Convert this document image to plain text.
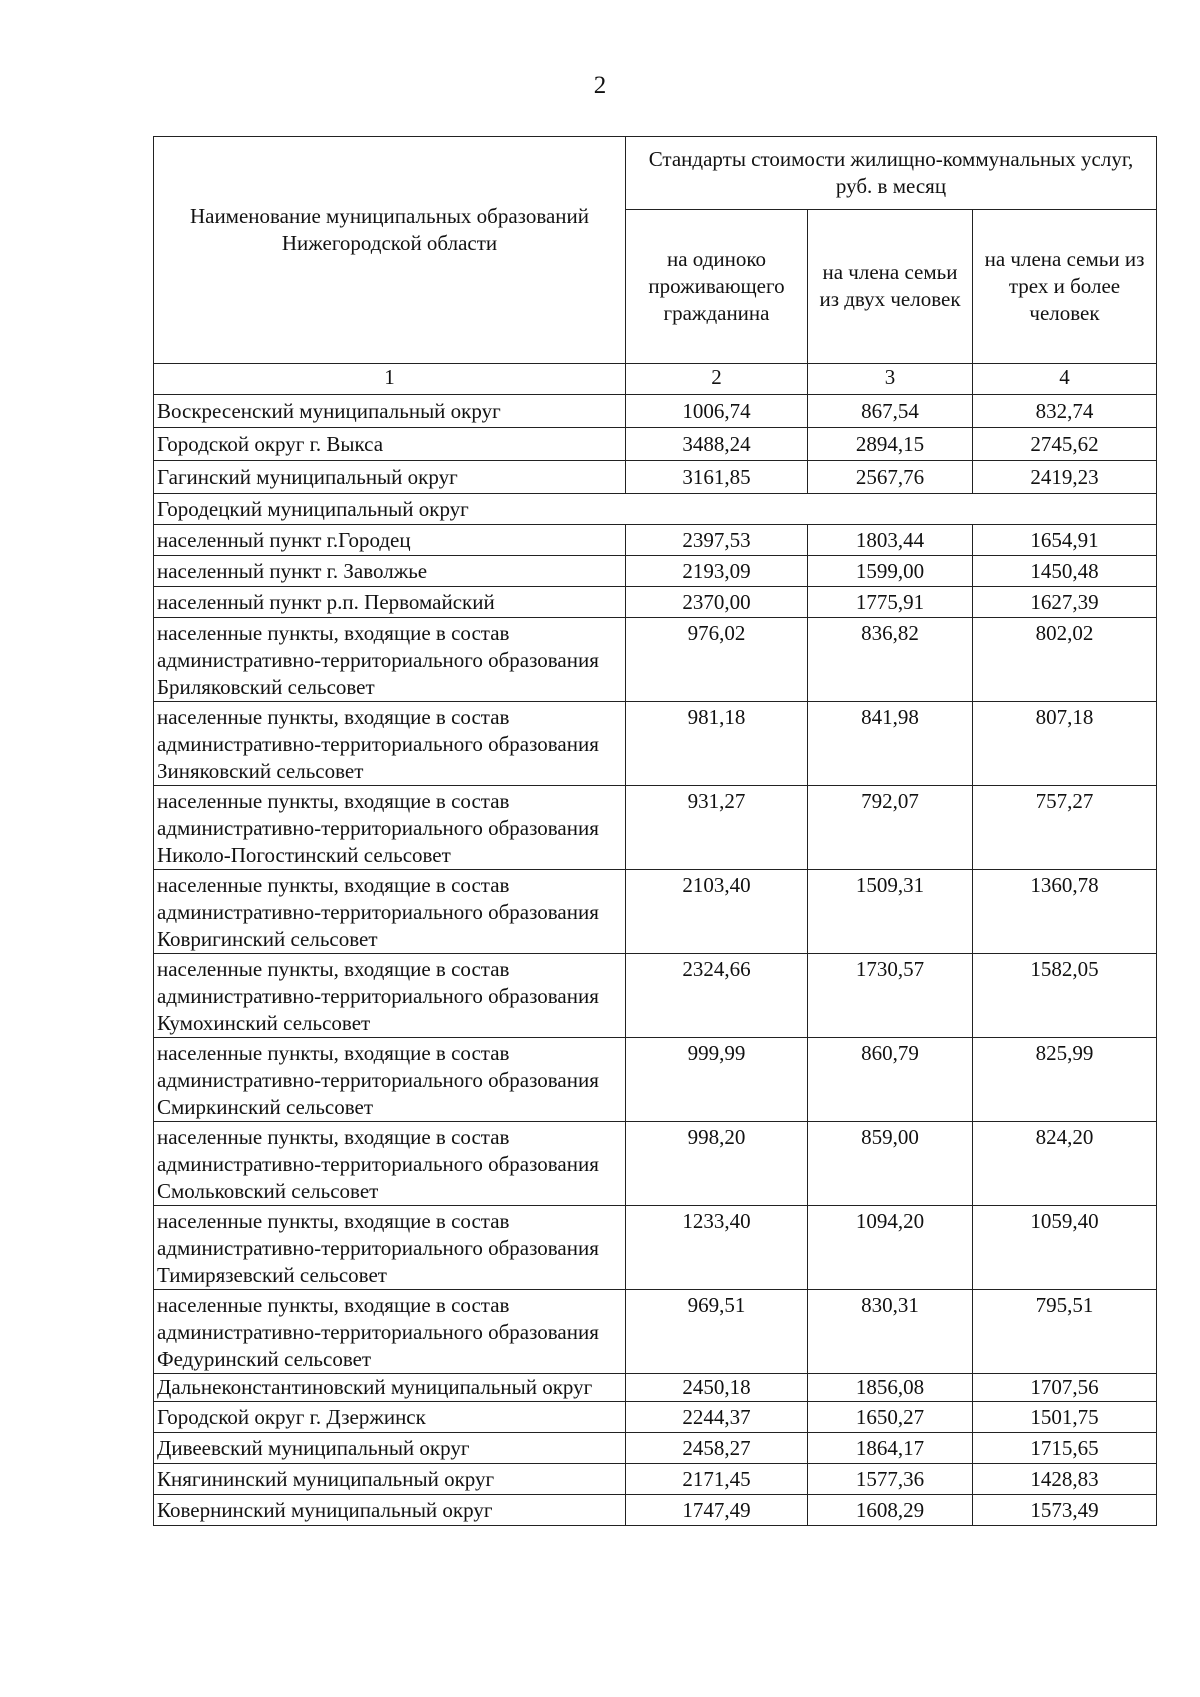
2
Наименование муниципальных образований Нижегородской области	Стандарты стоимости жилищно-коммунальных услуг, руб. в месяц		
	на одиноко проживающего гражданина	на члена семьи из двух человек	на члена семьи из трех и более человек
1	2	3	4
Воскресенский муниципальный округ	1006,74	867,54	832,74
Городской округ г. Выкса	3488,24	2894,15	2745,62
Гагинский муниципальный округ	3161,85	2567,76	2419,23
Городецкий муниципальный округ			
населенный пункт г.Городец	2397,53	1803,44	1654,91
населенный пункт г. Заволжье	2193,09	1599,00	1450,48
населенный пункт р.п. Первомайский	2370,00	1775,91	1627,39
населенные пункты, входящие в состав административно-территориального образования Бриляковский сельсовет	976,02	836,82	802,02
населенные пункты, входящие в состав административно-территориального образования Зиняковский сельсовет	981,18	841,98	807,18
населенные пункты, входящие в состав административно-территориального образования Николо-Погостинский сельсовет	931,27	792,07	757,27
населенные пункты, входящие в состав административно-территориального образования Ковригинский сельсовет	2103,40	1509,31	1360,78
населенные пункты, входящие в состав административно-территориального образования Кумохинский сельсовет	2324,66	1730,57	1582,05
населенные пункты, входящие в состав административно-территориального образования Смиркинский сельсовет	999,99	860,79	825,99
населенные пункты, входящие в состав административно-территориального образования Смольковский сельсовет	998,20	859,00	824,20
населенные пункты, входящие в состав административно-территориального образования Тимирязевский сельсовет	1233,40	1094,20	1059,40
населенные пункты, входящие в состав административно-территориального образования Федуринский сельсовет	969,51	830,31	795,51
Дальнеконстантиновский муниципальный округ	2450,18	1856,08	1707,56
Городской округ г. Дзержинск	2244,37	1650,27	1501,75
Дивеевский муниципальный округ	2458,27	1864,17	1715,65
Княгининский муниципальный округ	2171,45	1577,36	1428,83
Ковернинский муниципальный округ	1747,49	1608,29	1573,49
